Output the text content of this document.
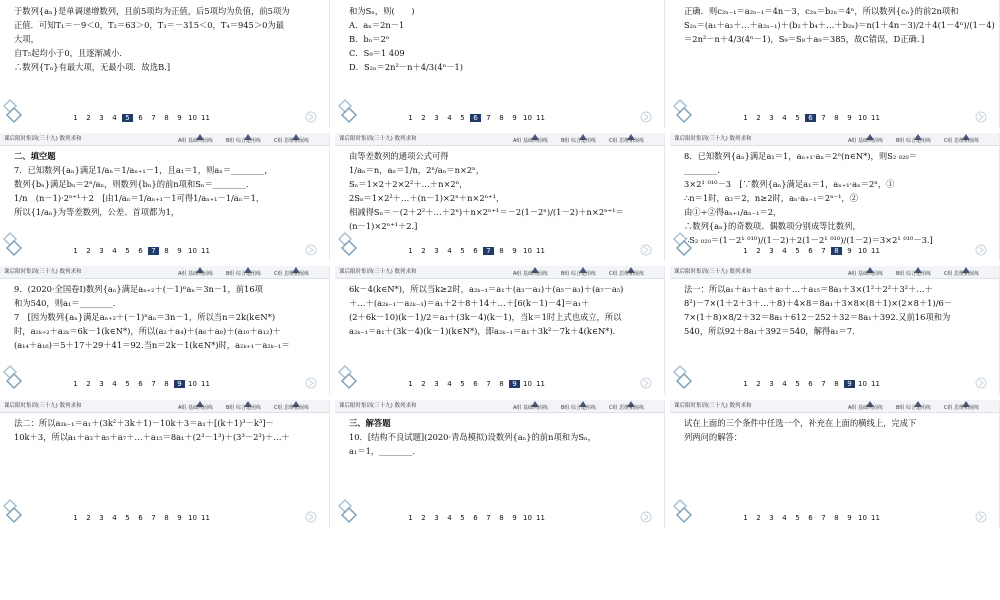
于数列{aₙ}是单调递增数列，且前5项均为正值，后5项均为负值，前5项为

正值．可知T₁＝－9＜0，T₂＝63＞0，T₃＝－315＜0，T₄＝945＞0为最

大项，

自T₅起均小于0，且逐渐减小．

∴数列{Tₙ}有最大项，无最小项．故选B.]

1 2 3 4 5 6 7 8 9 10 11

和为Sₙ，则(　　)

A．aₙ＝2n－1

B．bₙ＝2ⁿ

C．S₉＝1 409

D．S₂ₙ＝2n²－n＋4/3(4ⁿ－1)

1 2 3 4 5 6 7 8 9 10 11

正确．则c₂ₙ₋₁＝a₂ₙ₋₁＝4n－3，c₂ₙ＝b₂ₙ＝4ⁿ，所以数列{cₙ}的前2n项和

S₂ₙ＝(a₁＋a₃＋…＋a₂ₙ₋₁)＋(b₂＋b₄＋…＋b₂ₙ)＝n(1＋4n－3)/2＋4(1－4ⁿ)/(1－4)

＝2n²－n＋4/3(4ⁿ－1)，S₉＝S₈＋a₉＝385，故C错误，D正确．]

1 2 3 4 5 6 7 8 9 10 11
课后限时集训(三十九) 数列求和	A组 基础巩固练	B组 综合运用练	C组 思维拓展练

二、填空题

7．已知数列{aₙ}满足1/aₙ＝1/aₙ₊₁－1，且a₁＝1，则aₙ＝________，

数列{bₙ}满足bₙ＝2ⁿ/aₙ，则数列{bₙ}的前n项和Sₙ＝________．

1/n　(n－1)·2ⁿ⁺¹＋2　[由1/aₙ＝1/aₙ₊₁－1可得1/aₙ₊₁－1/aₙ＝1，

所以{1/aₙ}为等差数列，公差、首项都为1，

1 2 3 4 5 6 7 8 9 10 11
课后限时集训(三十九) 数列求和	A组 基础巩固练	B组 综合运用练	C组 思维拓展练

由等差数列的通项公式可得

1/aₙ＝n，aₙ＝1/n，2ⁿ/aₙ＝n×2ⁿ，

Sₙ＝1×2＋2×2²＋…＋n×2ⁿ，

2Sₙ＝1×2²＋…＋(n－1)×2ⁿ＋n×2ⁿ⁺¹，

相减得Sₙ＝－(2＋2²＋…＋2ⁿ)＋n×2ⁿ⁺¹＝－2(1－2ⁿ)/(1－2)＋n×2ⁿ⁺¹＝

(n－1)×2ⁿ⁺¹＋2.]

1 2 3 4 5 6 7 8 9 10 11
课后限时集训(三十九) 数列求和	A组 基础巩固练	B组 综合运用练	C组 思维拓展练

8．已知数列{aₙ}满足a₁＝1，aₙ₊₁·aₙ＝2ⁿ(n∈N*)，则S₂ ₀₂₀＝

________．

3×2¹ ⁰¹⁰－3　[∵数列{aₙ}满足a₁＝1，aₙ₊₁·aₙ＝2ⁿ，①

∴n＝1时，a₂＝2，n≥2时，aₙ·aₙ₋₁＝2ⁿ⁻¹，②

由①÷②得aₙ₊₁/aₙ₋₁＝2，

∴数列{aₙ}的奇数项、偶数项分别成等比数列，

∴S₂ ₀₂₀＝(1－2¹ ⁰¹⁰)/(1－2)＋2(1－2¹ ⁰¹⁰)/(1－2)＝3×2¹ ⁰¹⁰－3.]

1 2 3 4 5 6 7 8 9 10 11
课后限时集训(三十九) 数列求和	A组 基础巩固练	B组 综合运用练	C组 思维拓展练

9．(2020·全国卷Ⅰ)数列{aₙ}满足aₙ₊₂＋(－1)ⁿaₙ＝3n－1，前16项

和为540，则a₁＝________．

7　[因为数列{aₙ}满足aₙ₊₂＋(－1)ⁿaₙ＝3n－1，所以当n＝2k(k∈N*)

时，a₂ₖ₊₂＋a₂ₖ＝6k－1(k∈N*)，所以(a₂＋a₄)＋(a₆＋a₈)＋(a₁₀＋a₁₂)＋

(a₁₄＋a₁₆)＝5＋17＋29＋41＝92.当n＝2k－1(k∈N*)时，a₂ₖ₊₁－a₂ₖ₋₁＝

1 2 3 4 5 6 7 8 9 10 11
课后限时集训(三十九) 数列求和	A组 基础巩固练	B组 综合运用练	C组 思维拓展练

6k－4(k∈N*)，所以当k≥2时，a₂ₖ₋₁＝a₁＋(a₃－a₁)＋(a₅－a₃)＋(a₇－a₅)

＋…＋(a₂ₖ₋₁－a₂ₖ₋₃)＝a₁＋2＋8＋14＋…＋[6(k－1)－4]＝a₁＋

(2＋6k－10)(k－1)/2＝a₁＋(3k－4)(k－1)，当k＝1时上式也成立，所以

a₂ₖ₋₁＝a₁＋(3k－4)(k－1)(k∈N*)，即a₂ₖ₋₁＝a₁＋3k²－7k＋4(k∈N*)．

1 2 3 4 5 6 7 8 9 10 11
课后限时集训(三十九) 数列求和	A组 基础巩固练	B组 综合运用练	C组 思维拓展练

法一：所以a₁＋a₃＋a₅＋a₇＋…＋a₁₅＝8a₁＋3×(1²＋2²＋3²＋…＋

8²)－7×(1＋2＋3＋…＋8)＋4×8＝8a₁＋3×8×(8＋1)×(2×8＋1)/6－

7×(1＋8)×8/2＋32＝8a₁＋612－252＋32＝8a₁＋392.又前16项和为

540，所以92＋8a₁＋392＝540，解得a₁＝7.

1 2 3 4 5 6 7 8 9 10 11
课后限时集训(三十九) 数列求和	A组 基础巩固练	B组 综合运用练	C组 思维拓展练

法二：所以a₂ₖ₋₁＝a₁＋(3k²＋3k＋1)－10k＋3＝a₁＋[(k＋1)³－k³]－

10k＋3，所以a₁＋a₃＋a₅＋a₇＋…＋a₁₅＝8a₁＋(2³－1³)＋(3³－2³)＋…＋

1 2 3 4 5 6 7 8 9 10 11
课后限时集训(三十九) 数列求和	A组 基础巩固练	B组 综合运用练	C组 思维拓展练

三、解答题

10．[结构不良试题](2020·青岛模拟)设数列{aₙ}的前n项和为Sₙ，

a₁＝1，________．

1 2 3 4 5 6 7 8 9 10 11
课后限时集训(三十九) 数列求和	A组 基础巩固练	B组 综合运用练	C组 思维拓展练

试在上面的三个条件中任选一个，补充在上面的横线上，完成下

列两问的解答：

1 2 3 4 5 6 7 8 9 10 11
